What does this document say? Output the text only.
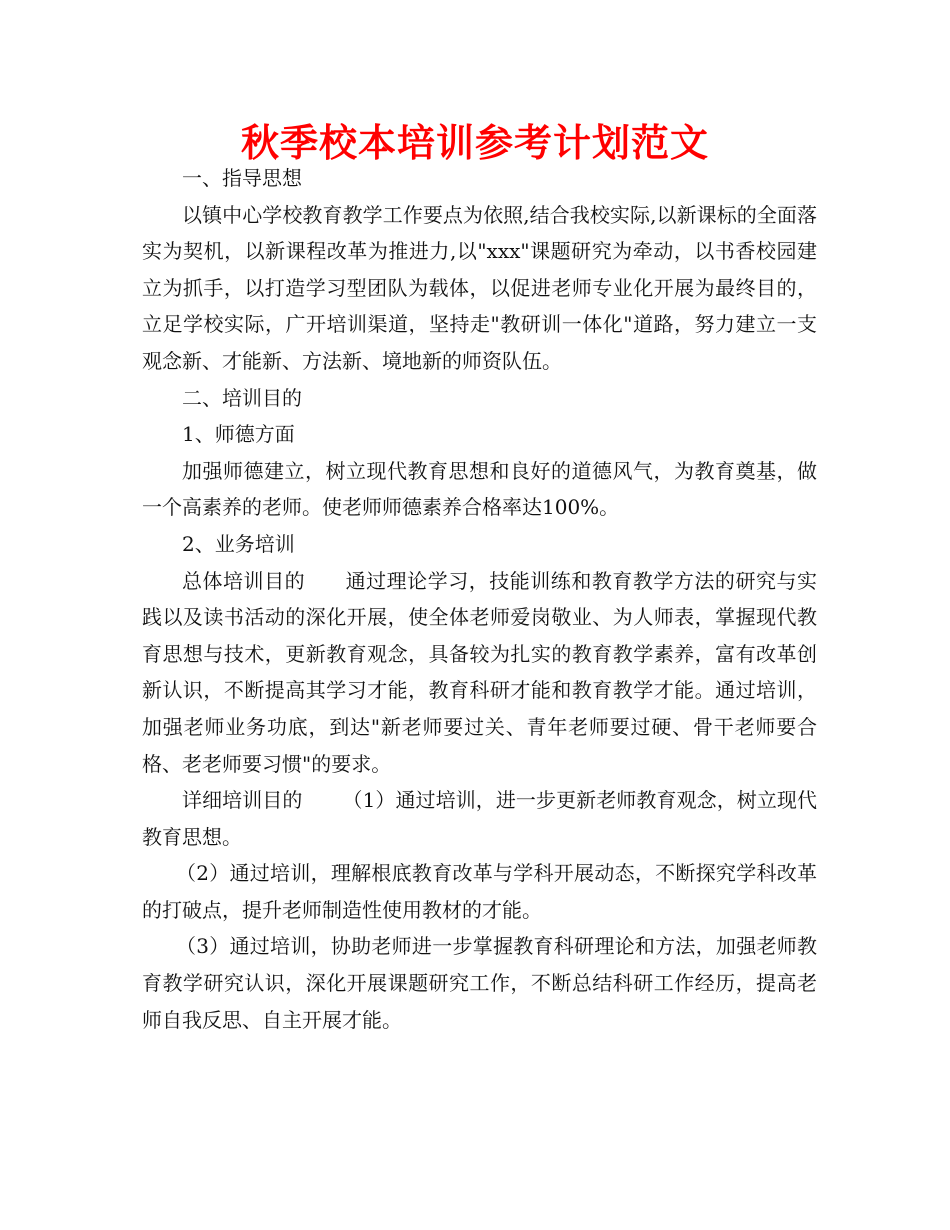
秋季校本培训参考计划范文

一、指导思想

以镇中心学校教育教学工作要点为依照,结合我校实际,以新课标的全面落实为契机，以新课程改革为推进力,以"xxx"课题研究为牵动，以书香校园建立为抓手，以打造学习型团队为载体，以促进老师专业化开展为最终目的，立足学校实际，广开培训渠道，坚持走"教研训一体化"道路，努力建立一支观念新、才能新、方法新、境地新的师资队伍。

二、培训目的

1、师德方面

加强师德建立，树立现代教育思想和良好的道德风气，为教育奠基，做一个高素养的老师。使老师师德素养合格率达100%。

2、业务培训

总体培训目的 通过理论学习，技能训练和教育教学方法的研究与实践以及读书活动的深化开展，使全体老师爱岗敬业、为人师表，掌握现代教育思想与技术，更新教育观念，具备较为扎实的教育教学素养，富有改革创新认识，不断提高其学习才能，教育科研才能和教育教学才能。通过培训，加强老师业务功底，到达"新老师要过关、青年老师要过硬、骨干老师要合格、老老师要习惯"的要求。

详细培训目的 （1）通过培训，进一步更新老师教育观念，树立现代教育思想。

（2）通过培训，理解根底教育改革与学科开展动态，不断探究学科改革的打破点，提升老师制造性使用教材的才能。

（3）通过培训，协助老师进一步掌握教育科研理论和方法，加强老师教育教学研究认识，深化开展课题研究工作，不断总结科研工作经历，提高老师自我反思、自主开展才能。
